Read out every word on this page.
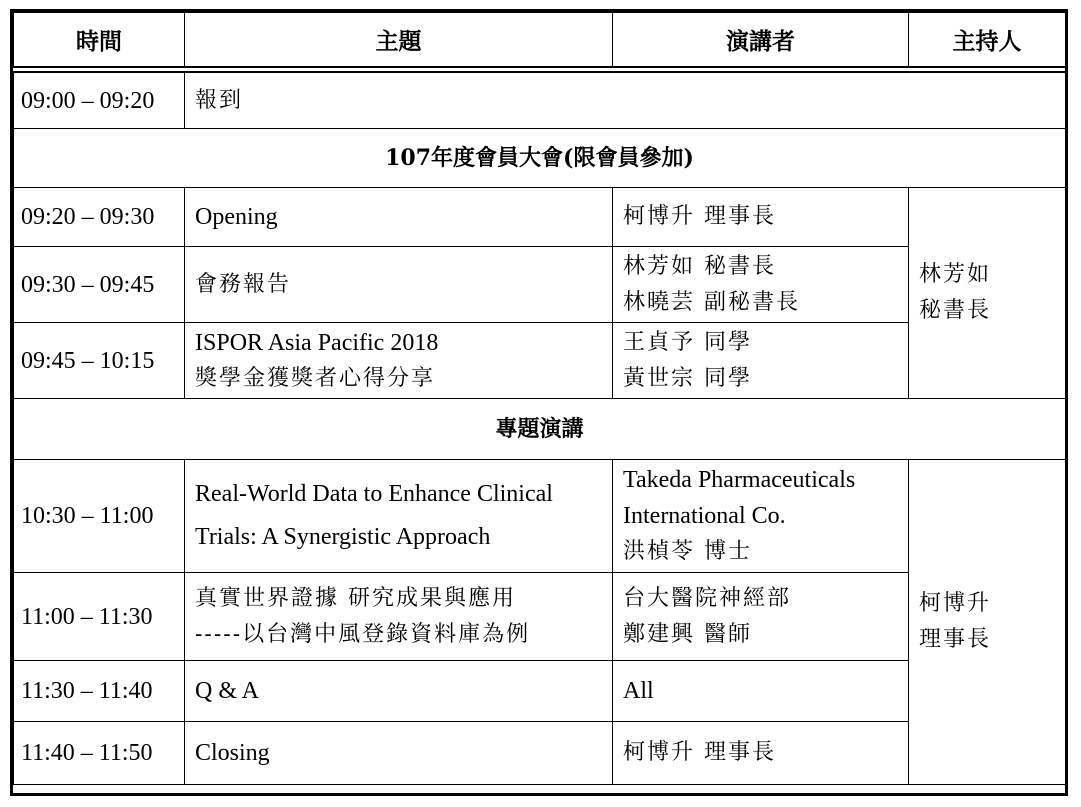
時間	主題	演講者	主持人
09:00 – 09:20	報到		
107年度會員大會(限會員參加)			
09:20 – 09:30	Opening	柯博升 理事長	林芳如
秘書長

09:30 – 09:45	會務報告	林芳如 秘書長
林曉芸 副秘書長	

09:45 – 10:15	ISPOR Asia Pacific 2018
獎學金獲獎者心得分享	王貞予 同學
黃世宗 同學	

專題演講			
10:30 – 11:00	Real-World Data to Enhance Clinical
Trials: A Synergistic Approach	Takeda Pharmaceuticals
International Co.
洪楨苓 博士	柯博升
理事長

11:00 – 11:30	真實世界證據 研究成果與應用
-----以台灣中風登錄資料庫為例	台大醫院神經部
鄭建興 醫師	

11:30 – 11:40	Q & A	All	
11:40 – 11:50	Closing	柯博升 理事長	
